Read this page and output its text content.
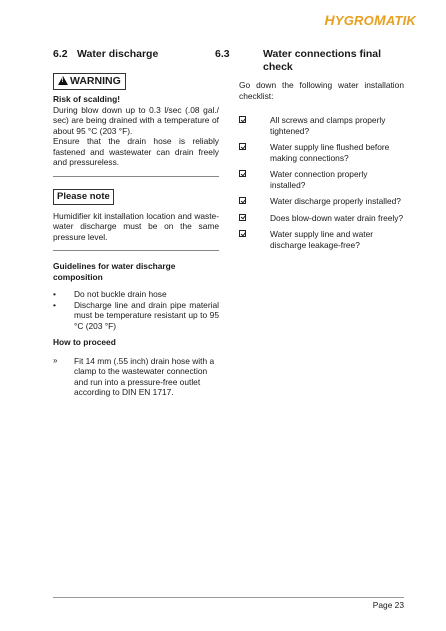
HYGROMATIK
6.2 Water discharge
!WARNING

Risk of scalding!

During blow down up to 0.3 l/sec (.08 gal./ sec) are being drained with a temperature of about 95 °C (203 °F).

Ensure that the drain hose is reliably fastened and wastewater can drain freely and pressureless.

Please note

Humidifier kit installation location and waste-water discharge must be on the same pressure level.

Guidelines for water discharge composition

• Do not buckle drain hose
• Discharge line and drain pipe material must be temperature resistant up to 95 °C (203 °F)

How to proceed

» Fit 14 mm (.55 inch) drain hose with a clamp to the wastewater connection and run into a pressure-free outlet according to DIN EN 1717.
6.3	Water connections final check

Go down the following water installation checklist:

All screws and clamps properly tightened?
Water supply line flushed before making connections?
Water connection properly installed?
Water discharge properly installed?
Does blow-down water drain freely?
Water supply line and water discharge leakage-free?
Page 23
